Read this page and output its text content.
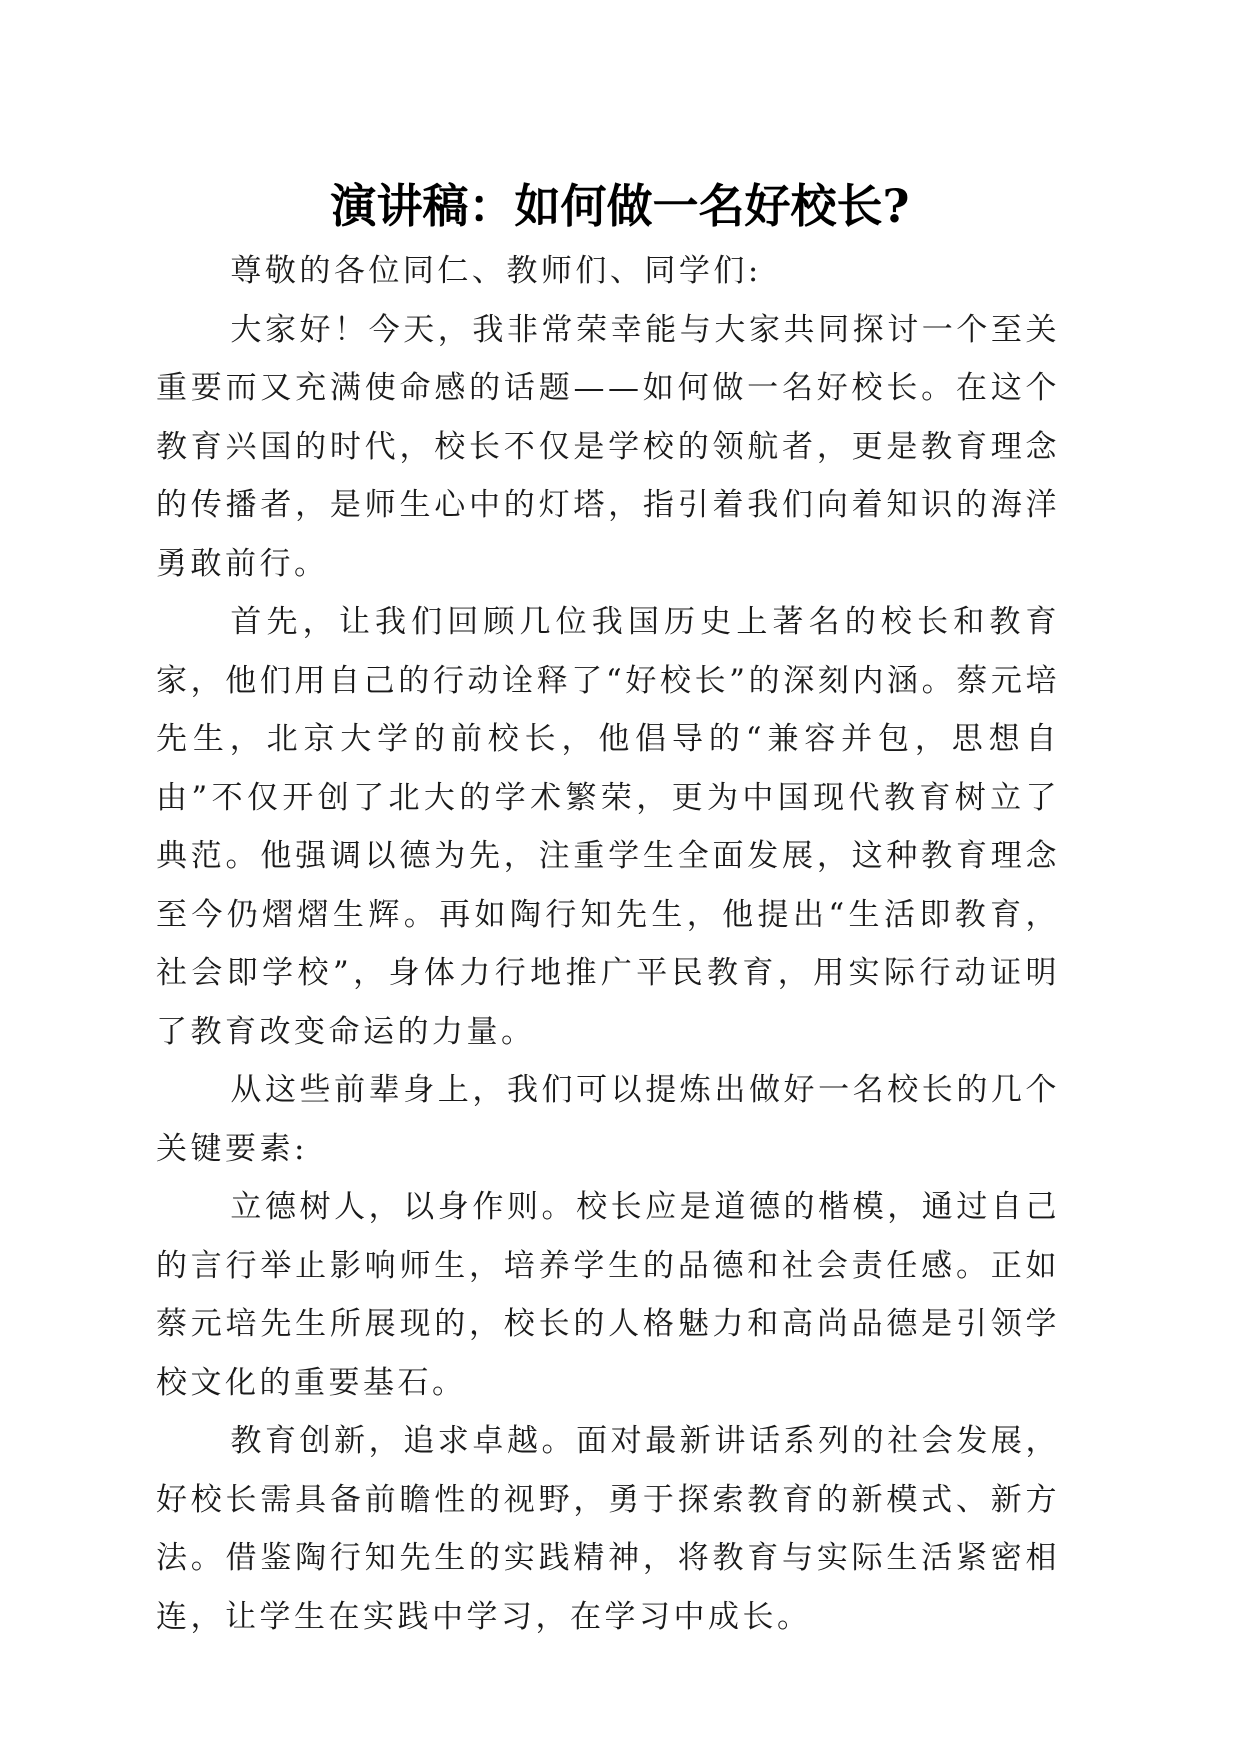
演讲稿：如何做一名好校长?

尊敬的各位同仁、教师们、同学们:

大家好！今天，我非常荣幸能与大家共同探讨一个至关重要而又充满使命感的话题——如何做一名好校长。在这个教育兴国的时代，校长不仅是学校的领航者，更是教育理念的传播者，是师生心中的灯塔，指引着我们向着知识的海洋勇敢前行。

首先，让我们回顾几位我国历史上著名的校长和教育家，他们用自己的行动诠释了“好校长”的深刻内涵。蔡元培先生，北京大学的前校长，他倡导的“兼容并包，思想自由”不仅开创了北大的学术繁荣，更为中国现代教育树立了典范。他强调以德为先，注重学生全面发展，这种教育理念至今仍熠熠生辉。再如陶行知先生，他提出“生活即教育，社会即学校”，身体力行地推广平民教育，用实际行动证明了教育改变命运的力量。

从这些前辈身上，我们可以提炼出做好一名校长的几个关键要素:

立德树人，以身作则。校长应是道德的楷模，通过自己的言行举止影响师生，培养学生的品德和社会责任感。正如蔡元培先生所展现的，校长的人格魅力和高尚品德是引领学校文化的重要基石。

教育创新，追求卓越。面对最新讲话系列的社会发展，好校长需具备前瞻性的视野，勇于探索教育的新模式、新方法。借鉴陶行知先生的实践精神，将教育与实际生活紧密相连，让学生在实践中学习，在学习中成长。
